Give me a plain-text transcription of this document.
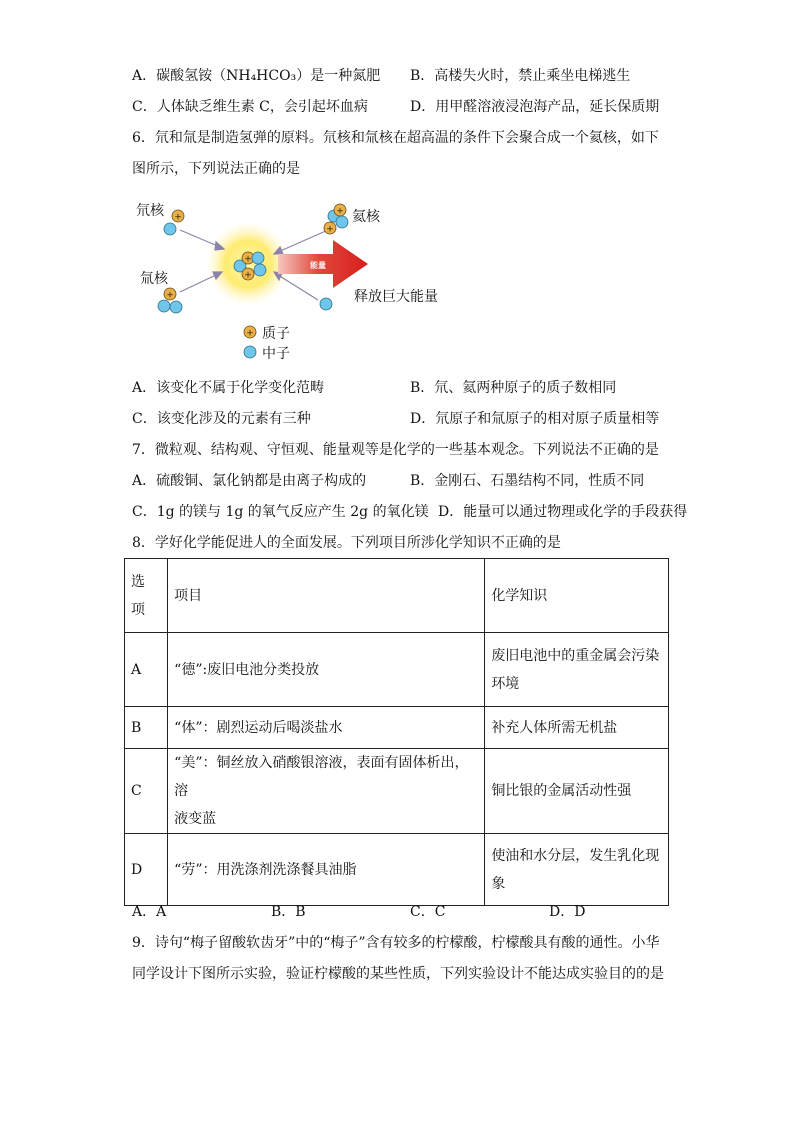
A．碳酸氢铵（NH₄HCO₃）是一种氮肥 B．高楼失火时，禁止乘坐电梯逃生
C．人体缺乏维生素 C，会引起坏血病	D．用甲醛溶液浸泡海产品，延长保质期
6．氘和氚是制造氢弹的原料。氘核和氚核在超高温的条件下会聚合成一个氦核，如下
图所示，下列说法正确的是
能量
+
+
+
+
+
+
+
氘核
氚核
氦核
释放巨大能量
质子
中子
A．该变化不属于化学变化范畴	B．氘、氦两种原子的质子数相同
C．该变化涉及的元素有三种	D．氘原子和氚原子的相对原子质量相等
7．微粒观、结构观、守恒观、能量观等是化学的一些基本观念。下列说法不正确的是
A．硫酸铜、氯化钠都是由离子构成的	B．金刚石、石墨结构不同，性质不同
C．1g 的镁与 1g 的氧气反应产生 2g 的氧化镁 D．能量可以通过物理或化学的手段获得
8．学好化学能促进人的全面发展。下列项目所涉化学知识不正确的是
选
项	项目	化学知识
A	“德”:废旧电池分类投放	废旧电池中的重金属会污染
环境

B	“体”：剧烈运动后喝淡盐水	补充人体所需无机盐
C	“美”：铜丝放入硝酸银溶液，表面有固体析出，溶
液变蓝	铜比银的金属活动性强
D	“劳”：用洗涤剂洗涤餐具油脂	使油和水分层，发生乳化现
象
A．A	B．B	C．C	D．D
9．诗句“梅子留酸软齿牙”中的“梅子”含有较多的柠檬酸，柠檬酸具有酸的通性。小华
同学设计下图所示实验，验证柠檬酸的某些性质，下列实验设计不能达成实验目的的是
